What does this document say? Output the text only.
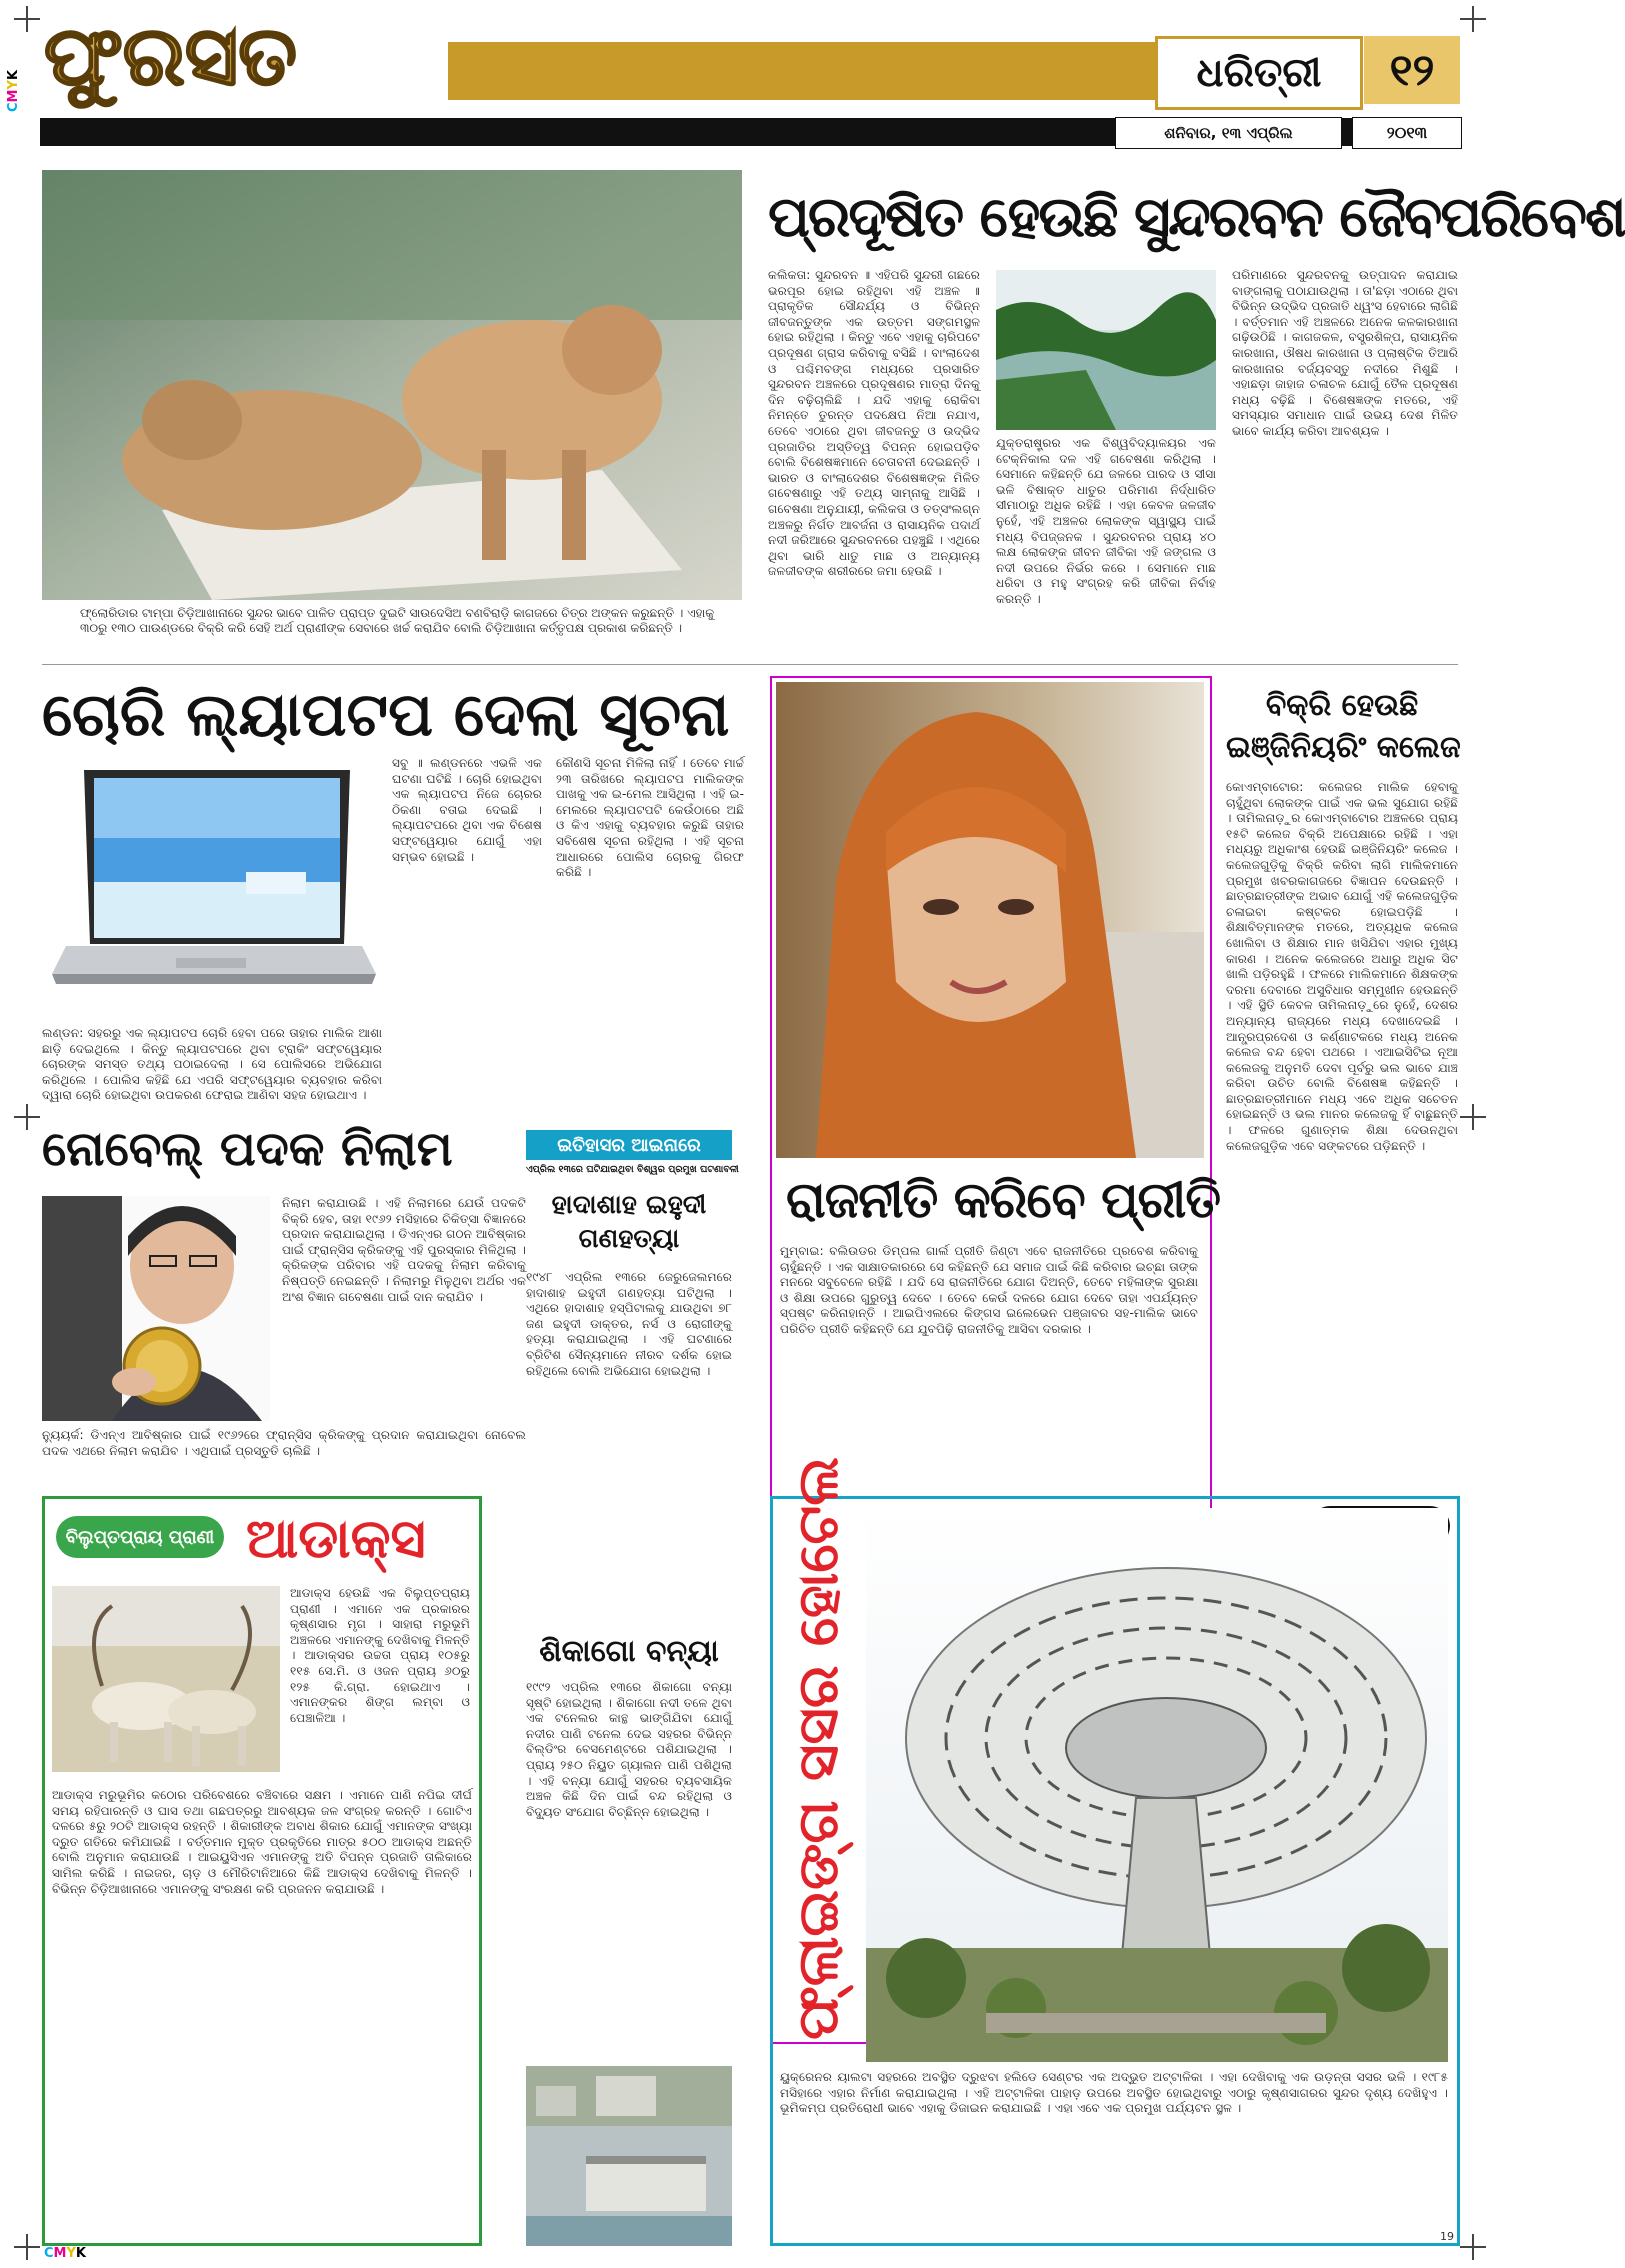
CMYK
CMYK
19
ଫୁରସତ	ଧରିତ୍ରୀ ୧୨
ଶନିବାର, ୧୩ ଏପ୍ରିଲ	୨୦୧୩
ଫ୍ଲୋରିଡାର ଟାମ୍ପା ଚିଡ଼ିଆଖାନାରେ ସୁନ୍ଦର ଭାବେ ପାଳିତ ପ୍ରାପ୍ତ ଦୁଇଟି ସାଉଦେସିଅ ବଣବିରାଡ଼ି କାଗଜରେ ଚିତ୍ର ଅଙ୍କନ କରୁଛନ୍ତି । ଏହାକୁ ୩୦ରୁ ୧୩୦ ପାଉଣ୍ଡରେ ବିକ୍ରି କରି ସେହି ଅର୍ଥ ପ୍ରାଣୀଙ୍କ ସେବାରେ ଖର୍ଚ୍ଚ କରାଯିବ ବୋଲି ଚିଡ଼ିଆଖାନା କର୍ତ୍ତୃପକ୍ଷ ପ୍ରକାଶ କରିଛନ୍ତି ।
ପ୍ରଦୂଷିତ ହେଉଛି ସୁନ୍ଦରବନ ଜୈବପରିବେଶ
କଲିକତା: ସୁନ୍ଦରବନ ॥ ଏହିପରି ସୁନ୍ଦରୀ ଗଛରେ ଭରପୂର ହୋଇ ରହିଥିବା ଏହି ଅଞ୍ଚଳ ॥ ପ୍ରାକୃତିକ ସୌନ୍ଦର୍ଯ୍ୟ ଓ ବିଭିନ୍ନ ଜୀବଜନ୍ତୁଙ୍କ ଏକ ଉତ୍ତମ ସଙ୍ଗମସ୍ଥଳ ହୋଇ ରହିଥିଲା । କିନ୍ତୁ ଏବେ ଏହାକୁ ଚାରିପଟେ ପ୍ରଦୂଷଣ ଗ୍ରାସ କରିବାକୁ ବସିଛି । ବାଂଲାଦେଶ ଓ ପଶ୍ଚିମବଙ୍ଗ ମଧ୍ୟରେ ପ୍ରସାରିତ ସୁନ୍ଦରବନ ଅଞ୍ଚଳରେ ପ୍ରଦୂଷଣର ମାତ୍ରା ଦିନକୁ ଦିନ ବଢ଼ିଚାଲିଛି । ଯଦି ଏହାକୁ ରୋକିବା ନିମନ୍ତେ ତୁରନ୍ତ ପଦକ୍ଷେପ ନିଆ ନଯାଏ, ତେବେ ଏଠାରେ ଥିବା ଜୀବଜନ୍ତୁ ଓ ଉଦ୍ଭିଦ ପ୍ରଜାତିର ଅସ୍ତିତ୍ୱ ବିପନ୍ନ ହୋଇପଡ଼ିବ ବୋଲି ବିଶେଷଜ୍ଞମାନେ ଚେତାବନୀ ଦେଇଛନ୍ତି । ଭାରତ ଓ ବାଂଲାଦେଶର ବିଶେଷଜ୍ଞଙ୍କ ମିଳିତ ଗବେଷଣାରୁ ଏହି ତଥ୍ୟ ସାମ୍ନାକୁ ଆସିଛି । ଗବେଷଣା ଅନୁଯାୟୀ, କଲିକତା ଓ ତତ୍ସଂଲଗ୍ନ ଅଞ୍ଚଳରୁ ନିର୍ଗତ ଆବର୍ଜନା ଓ ରାସାୟନିକ ପଦାର୍ଥ ନଦୀ ଜରିଆରେ ସୁନ୍ଦରବନରେ ପହଞ୍ଚୁଛି । ଏଥିରେ ଥିବା ଭାରି ଧାତୁ ମାଛ ଓ ଅନ୍ୟାନ୍ୟ ଜଳଜୀବଙ୍କ ଶରୀରରେ ଜମା ହେଉଛି ।
ଯୁକ୍ତରାଷ୍ଟ୍ରର ଏକ ବିଶ୍ୱବିଦ୍ୟାଳୟର ଏକ ଟେକ୍ନିକାଲ ଦଳ ଏହି ଗବେଷଣା କରିଥିଲା । ସେମାନେ କହିଛନ୍ତି ଯେ ଜଳରେ ପାରଦ ଓ ସୀସା ଭଳି ବିଷାକ୍ତ ଧାତୁର ପରିମାଣ ନିର୍ଦ୍ଧାରିତ ସୀମାଠାରୁ ଅଧିକ ରହିଛି । ଏହା କେବଳ ଜଳଜୀବ ନୁହେଁ, ଏହି ଅଞ୍ଚଳର ଲୋକଙ୍କ ସ୍ୱାସ୍ଥ୍ୟ ପାଇଁ ମଧ୍ୟ ବିପଜ୍ଜନକ । ସୁନ୍ଦରବନର ପ୍ରାୟ ୪୦ ଲକ୍ଷ ଲୋକଙ୍କ ଜୀବନ ଜୀବିକା ଏହି ଜଙ୍ଗଲ ଓ ନଦୀ ଉପରେ ନିର୍ଭର କରେ । ସେମାନେ ମାଛ ଧରିବା ଓ ମହୁ ସଂଗ୍ରହ କରି ଜୀବିକା ନିର୍ବାହ କରନ୍ତି ।
ପରିମାଣରେ ସୁନ୍ଦରବନକୁ ଉତ୍ପାଦନ କରାଯାଇ ବାଙ୍ଗଲାକୁ ପଠାଯାଉଥିଲା । ତା'ଛଡ଼ା ଏଠାରେ ଥିବା ବିଭିନ୍ନ ଉଦ୍ଭିଦ ପ୍ରଜାତି ଧ୍ୱଂସ ହେବାରେ ଲାଗିଛି । ବର୍ତ୍ତମାନ ଏହି ଅଞ୍ଚଳରେ ଅନେକ କଳକାରଖାନା ଗଢ଼ିଉଠିଛି । କାଗଜକଳ, ବସ୍ତ୍ରଶିଳ୍ପ, ରାସାୟନିକ କାରଖାନା, ଔଷଧ କାରଖାନା ଓ ପ୍ଲାଷ୍ଟିକ ତିଆରି କାରଖାନାର ବର୍ଜ୍ୟବସ୍ତୁ ନଦୀରେ ମିଶୁଛି । ଏହାଛଡ଼ା ଜାହାଜ ଚଳାଚଳ ଯୋଗୁଁ ତୈଳ ପ୍ରଦୂଷଣ ମଧ୍ୟ ବଢ଼ିଛି । ବିଶେଷଜ୍ଞଙ୍କ ମତରେ, ଏହି ସମସ୍ୟାର ସମାଧାନ ପାଇଁ ଉଭୟ ଦେଶ ମିଳିତ ଭାବେ କାର୍ଯ୍ୟ କରିବା ଆବଶ୍ୟକ ।
ଚୋରି ଲ୍ୟାପଟପ ଦେଲା ସୂଚନା
ସବୁ ॥ ଲଣ୍ଡନରେ ଏଭଳି ଏକ ଘଟଣା ଘଟିଛି । ଚୋରି ହୋଇଥିବା ଏକ ଲ୍ୟାପଟପ ନିଜେ ଚୋରର ଠିକଣା ବତାଇ ଦେଇଛି । ଲ୍ୟାପଟପରେ ଥିବା ଏକ ବିଶେଷ ସଫ୍ଟୱେୟାର ଯୋଗୁଁ ଏହା ସମ୍ଭବ ହୋଇଛି ।
କୌଣସି ସୂଚନା ମିଳିଲା ନାହିଁ । ତେବେ ମାର୍ଚ୍ଚ ୨୩ ତାରିଖରେ ଲ୍ୟାପଟପ ମାଲିକଙ୍କ ପାଖକୁ ଏକ ଇ-ମେଲ ଆସିଥିଲା । ଏହି ଇ-ମେଲରେ ଲ୍ୟାପଟପଟି କେଉଁଠାରେ ଅଛି ଓ କିଏ ଏହାକୁ ବ୍ୟବହାର କରୁଛି ତାହାର ସବିଶେଷ ସୂଚନା ରହିଥିଲା । ଏହି ସୂଚନା ଆଧାରରେ ପୋଲିସ ଚୋରକୁ ଗିରଫ କରିଛି ।
ଲଣ୍ଡନ: ସହରରୁ ଏକ ଲ୍ୟାପଟପ ଚୋରି ହେବା ପରେ ତାହାର ମାଲିକ ଆଶା ଛାଡ଼ି ଦେଇଥିଲେ । କିନ୍ତୁ ଲ୍ୟାପଟପରେ ଥିବା ଟ୍ରାକିଂ ସଫ୍ଟୱେୟାର ଚୋରଙ୍କ ସମସ୍ତ ତଥ୍ୟ ପଠାଇଦେଲା । ସେ ପୋଲିସରେ ଅଭିଯୋଗ କରିଥିଲେ । ପୋଲିସ କହିଛି ଯେ ଏପରି ସଫ୍ଟୱେୟାର ବ୍ୟବହାର କରିବା ଦ୍ୱାରା ଚୋରି ହୋଇଥିବା ଉପକରଣ ଫେରାଇ ଆଣିବା ସହଜ ହୋଇଥାଏ ।
ନୋବେଲ୍ ପଦକ ନିଲାମ
ନିଲାମ କରାଯାଉଛି । ଏହି ନିଲାମରେ ଯେଉଁ ପଦକଟି ବିକ୍ରି ହେବ, ତାହା ୧୯୬୨ ମସିହାରେ ଚିକିତ୍ସା ବିଜ୍ଞାନରେ ପ୍ରଦାନ କରାଯାଇଥିଲା । ଡିଏନ୍ଏର ଗଠନ ଆବିଷ୍କାର ପାଇଁ ଫ୍ରାନ୍ସିସ କ୍ରିକଙ୍କୁ ଏହି ପୁରସ୍କାର ମିଳିଥିଲା । କ୍ରିକଙ୍କ ପରିବାର ଏହି ପଦକକୁ ନିଲାମ କରିବାକୁ ନିଷ୍ପତ୍ତି ନେଇଛନ୍ତି । ନିଲାମରୁ ମିଳୁଥିବା ଅର୍ଥର ଏକ ଅଂଶ ବିଜ୍ଞାନ ଗବେଷଣା ପାଇଁ ଦାନ କରାଯିବ ।
ନ୍ୟୁୟର୍କ: ଡିଏନ୍ଏ ଆବିଷ୍କାର ପାଇଁ ୧୯୬୨ରେ ଫ୍ରାନ୍ସିସ କ୍ରିକଙ୍କୁ ପ୍ରଦାନ କରାଯାଇଥିବା ନୋବେଲ ପଦକ ଏଥରେ ନିଲାମ କରାଯିବ । ଏଥିପାଇଁ ପ୍ରସ୍ତୁତି ଚାଲିଛି ।
ଇତିହାସର ଆଇନାରେ
ଏପ୍ରିଲ ୧୩ରେ ଘଟିଯାଇଥିବା ବିଶ୍ୱର ପ୍ରମୁଖ ଘଟଣାବଳୀ
ହାଦାଶାହ ଇହୁଦୀ ଗଣହତ୍ୟା
୧୯୪୮ ଏପ୍ରିଲ ୧୩ରେ ଜେରୁଜେଲମରେ ହାଦାଶାହ ଇହୁଦୀ ଗଣହତ୍ୟା ଘଟିଥିଲା । ଏଥିରେ ହାଦାଶାହ ହସ୍ପିଟାଲକୁ ଯାଉଥିବା ୭୮ ଜଣ ଇହୁଦୀ ଡାକ୍ତର, ନର୍ସ ଓ ରୋଗୀଙ୍କୁ ହତ୍ୟା କରାଯାଇଥିଲା । ଏହି ଘଟଣାରେ ବ୍ରିଟିଶ ସୈନ୍ୟମାନେ ନୀରବ ଦର୍ଶକ ହୋଇ ରହିଥିଲେ ବୋଲି ଅଭିଯୋଗ ହୋଇଥିଲା ।
ଶିକାଗୋ ବନ୍ୟା
୧୯୯୨ ଏପ୍ରିଲ ୧୩ରେ ଶିକାଗୋ ବନ୍ୟା ସୃଷ୍ଟି ହୋଇଥିଲା । ଶିକାଗୋ ନଦୀ ତଳେ ଥିବା ଏକ ଟନେଲର କାନ୍ଥ ଭାଙ୍ଗିଯିବା ଯୋଗୁଁ ନଦୀର ପାଣି ଟନେଲ ଦେଇ ସହରର ବିଭିନ୍ନ ବିଲ୍ଡିଂର ବେସମେଣ୍ଟରେ ପଶିଯାଇଥିଲା । ପ୍ରାୟ ୨୫୦ ନିୟୁତ ଗ୍ୟାଲନ ପାଣି ପଶିଥିଲା । ଏହି ବନ୍ୟା ଯୋଗୁଁ ସହରର ବ୍ୟବସାୟିକ ଅଞ୍ଚଳ କିଛି ଦିନ ପାଇଁ ବନ୍ଦ ରହିଥିଲା ଓ ବିଦ୍ୟୁତ ସଂଯୋଗ ବିଚ୍ଛିନ୍ନ ହୋଇଥିଲା ।
ରାଜନୀତି କରିବେ ପ୍ରୀତି
ମୁମ୍ବାଇ: ବଲିଉଡର ଡିମ୍ପଲ ଗାର୍ଲ ପ୍ରୀତି ଜିଣ୍ଟା ଏବେ ରାଜନୀତିରେ ପ୍ରବେଶ କରିବାକୁ ଚାହୁଁଛନ୍ତି । ଏକ ସାକ୍ଷାତକାରରେ ସେ କହିଛନ୍ତି ଯେ ସମାଜ ପାଇଁ କିଛି କରିବାର ଇଚ୍ଛା ତାଙ୍କ ମନରେ ସବୁବେଳେ ରହିଛି । ଯଦି ସେ ରାଜନୀତିରେ ଯୋଗ ଦିଅନ୍ତି, ତେବେ ମହିଳାଙ୍କ ସୁରକ୍ଷା ଓ ଶିକ୍ଷା ଉପରେ ଗୁରୁତ୍ୱ ଦେବେ । ତେବେ କେଉଁ ଦଳରେ ଯୋଗ ଦେବେ ତାହା ଏପର୍ଯ୍ୟନ୍ତ ସ୍ପଷ୍ଟ କରିନାହାନ୍ତି । ଆଇପିଏଲରେ କିଙ୍ଗସ ଇଲେଭେନ ପଞ୍ଜାବର ସହ-ମାଲିକ ଭାବେ ପରିଚିତ ପ୍ରୀତି କହିଛନ୍ତି ଯେ ଯୁବପିଢ଼ି ରାଜନୀତିକୁ ଆସିବା ଦରକାର ।
ବିକ୍ରି ହେଉଛି
ଇଞ୍ଜିନିୟରିଂ କଲେଜ
କୋଏମ୍ବାଟୋର: କଲେଜର ମାଲିକ ହେବାକୁ ଚାହୁଁଥିବା ଲୋକଙ୍କ ପାଇଁ ଏକ ଭଲ ସୁଯୋଗ ରହିଛି । ତାମିଲନାଡ଼ୁର କୋଏମ୍ବାଟୋର ଅଞ୍ଚଳରେ ପ୍ରାୟ ୧୫ଟି କଲେଜ ବିକ୍ରି ଅପେକ୍ଷାରେ ରହିଛି । ଏହା ମଧ୍ୟରୁ ଅଧିକାଂଶ ହେଉଛି ଇଞ୍ଜିନିୟରିଂ କଲେଜ । କଲେଜଗୁଡ଼ିକୁ ବିକ୍ରି କରିବା ଲାଗି ମାଲିକମାନେ ପ୍ରମୁଖ ଖବରକାଗଜରେ ବିଜ୍ଞାପନ ଦେଉଛନ୍ତି । ଛାତ୍ରଛାତ୍ରୀଙ୍କ ଅଭାବ ଯୋଗୁଁ ଏହି କଲେଜଗୁଡ଼ିକ ଚଳାଇବା କଷ୍ଟକର ହୋଇପଡ଼ିଛି । ଶିକ୍ଷାବିତ୍ମାନଙ୍କ ମତରେ, ଅତ୍ୟଧିକ କଲେଜ ଖୋଲିବା ଓ ଶିକ୍ଷାର ମାନ ଖସିଯିବା ଏହାର ମୁଖ୍ୟ କାରଣ । ଅନେକ କଲେଜରେ ଅଧାରୁ ଅଧିକ ସିଟ ଖାଲି ପଡ଼ିରହୁଛି । ଫଳରେ ମାଲିକମାନେ ଶିକ୍ଷକଙ୍କ ଦରମା ଦେବାରେ ଅସୁବିଧାର ସମ୍ମୁଖୀନ ହେଉଛନ୍ତି । ଏହି ସ୍ଥିତି କେବଳ ତାମିଲନାଡ଼ୁରେ ନୁହେଁ, ଦେଶର ଅନ୍ୟାନ୍ୟ ରାଜ୍ୟରେ ମଧ୍ୟ ଦେଖାଦେଇଛି । ଆନ୍ଧ୍ରପ୍ରଦେଶ ଓ କର୍ଣ୍ଣାଟକରେ ମଧ୍ୟ ଅନେକ କଲେଜ ବନ୍ଦ ହେବା ପଥରେ । ଏଆଇସିଟିଇ ନୂଆ କଲେଜକୁ ଅନୁମତି ଦେବା ପୂର୍ବରୁ ଭଲ ଭାବେ ଯାଞ୍ଚ କରିବା ଉଚିତ ବୋଲି ବିଶେଷଜ୍ଞ କହିଛନ୍ତି । ଛାତ୍ରଛାତ୍ରୀମାନେ ମଧ୍ୟ ଏବେ ଅଧିକ ସଚେତନ ହୋଇଛନ୍ତି ଓ ଭଲ ମାନର କଲେଜକୁ ହିଁ ବାଛୁଛନ୍ତି । ଫଳରେ ଗୁଣାତ୍ମକ ଶିକ୍ଷା ଦେଉନଥିବା କଲେଜଗୁଡ଼ିକ ଏବେ ସଙ୍କଟରେ ପଡ଼ିଛନ୍ତି ।
ବିଲୁପ୍ତପ୍ରାୟ ପ୍ରାଣୀ ଆଡାକ୍ସ
ଆଡାକ୍ସ ହେଉଛି ଏକ ବିଲୁପ୍ତପ୍ରାୟ ପ୍ରାଣୀ । ଏମାନେ ଏକ ପ୍ରକାରର କୃଷ୍ଣସାର ମୃଗ । ସାହାରା ମରୁଭୂମି ଅଞ୍ଚଳରେ ଏମାନଙ୍କୁ ଦେଖିବାକୁ ମିଳନ୍ତି । ଆଡାକ୍ସର ଉଚ୍ଚତା ପ୍ରାୟ ୧୦୫ରୁ ୧୧୫ ସେ.ମି. ଓ ଓଜନ ପ୍ରାୟ ୬୦ରୁ ୧୨୫ କି.ଗ୍ରା. ହୋଇଥାଏ । ଏମାନଙ୍କର ଶିଙ୍ଗ ଲମ୍ବା ଓ ପେଞ୍ଚାଳିଆ ।
ଆଡାକ୍ସ ମରୁଭୂମିର କଠୋର ପରିବେଶରେ ବଞ୍ଚିବାରେ ସକ୍ଷମ । ଏମାନେ ପାଣି ନପିଇ ଦୀର୍ଘ ସମୟ ରହିପାରନ୍ତି ଓ ଘାସ ତଥା ଗଛପତ୍ରରୁ ଆବଶ୍ୟକ ଜଳ ସଂଗ୍ରହ କରନ୍ତି । ଗୋଟିଏ ଦଳରେ ୫ରୁ ୨୦ଟି ଆଡାକ୍ସ ରହନ୍ତି । ଶିକାରୀଙ୍କ ଅବାଧ ଶିକାର ଯୋଗୁଁ ଏମାନଙ୍କ ସଂଖ୍ୟା ଦ୍ରୁତ ଗତିରେ କମିଯାଇଛି । ବର୍ତ୍ତମାନ ମୁକ୍ତ ପ୍ରକୃତିରେ ମାତ୍ର ୫୦୦ ଆଡାକ୍ସ ଅଛନ୍ତି ବୋଲି ଅନୁମାନ କରାଯାଉଛି । ଆଇୟୁସିଏନ ଏମାନଙ୍କୁ ଅତି ବିପନ୍ନ ପ୍ରଜାତି ତାଲିକାରେ ସାମିଲ କରିଛି । ନାଇଜର, ଚାଡ଼ ଓ ମୌରିଟାନିଆରେ କିଛି ଆଡାକ୍ସ ଦେଖିବାକୁ ମିଳନ୍ତି । ବିଭିନ୍ନ ଚିଡ଼ିଆଖାନାରେ ଏମାନଙ୍କୁ ସଂରକ୍ଷଣ କରି ପ୍ରଜନନ କରାଯାଉଛି ।	ଫ୍ଲାଇଙ୍ଗ ସସର ହୋଟେଲ
ୟୁକ୍ରେନର ୟାଲଟା ସହରରେ ଅବସ୍ଥିତ ଦ୍ରୁଝବା ହଲିଡେ ସେଣ୍ଟର ଏକ ଅଦ୍ଭୁତ ଅଟ୍ଟାଳିକା । ଏହା ଦେଖିବାକୁ ଏକ ଉଡ଼ନ୍ତା ସସର ଭଳି । ୧୯୮୫ ମସିହାରେ ଏହାର ନିର୍ମାଣ କରାଯାଇଥିଲା । ଏହି ଅଟ୍ଟାଳିକା ପାହାଡ଼ ଉପରେ ଅବସ୍ଥିତ ହୋଇଥିବାରୁ ଏଠାରୁ କୃଷ୍ଣସାଗରର ସୁନ୍ଦର ଦୃଶ୍ୟ ଦେଖିହୁଏ । ଭୂମିକମ୍ପ ପ୍ରତିରୋଧୀ ଭାବେ ଏହାକୁ ଡିଜାଇନ କରାଯାଇଛି । ଏହା ଏବେ ଏକ ପ୍ରମୁଖ ପର୍ଯ୍ୟଟନ ସ୍ଥଳ ।
